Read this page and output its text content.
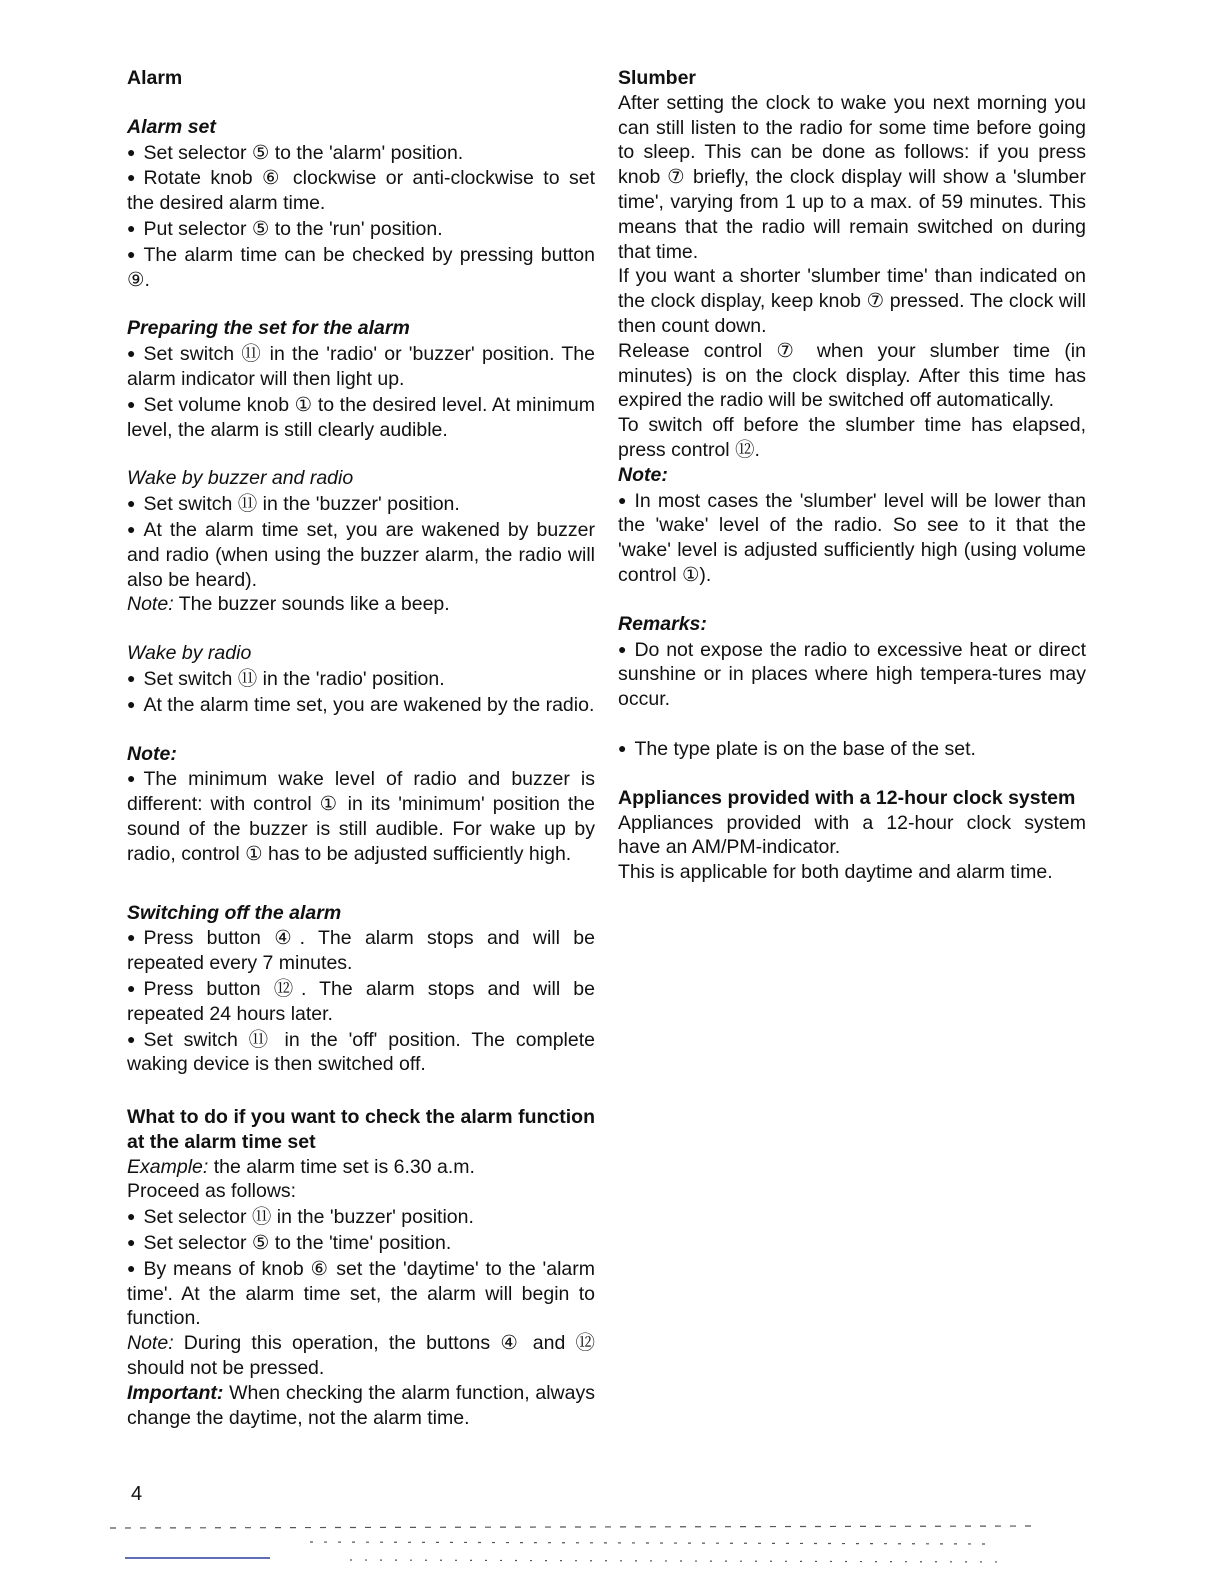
Alarm
Alarm set
● Set selector ⑤ to the 'alarm' position.
● Rotate knob ⑥ clockwise or anti-clockwise to set the desired alarm time.
● Put selector ⑤ to the 'run' position.
● The alarm time can be checked by pressing button ⑨.
Preparing the set for the alarm
● Set switch ⑪ in the 'radio' or 'buzzer' position. The alarm indicator will then light up.
● Set volume knob ① to the desired level. At minimum level, the alarm is still clearly audible.
Wake by buzzer and radio
● Set switch ⑪ in the 'buzzer' position.
● At the alarm time set, you are wakened by buzzer and radio (when using the buzzer alarm, the radio will also be heard).
Note: The buzzer sounds like a beep.
Wake by radio
● Set switch ⑪ in the 'radio' position.
● At the alarm time set, you are wakened by the radio.
Note:
● The minimum wake level of radio and buzzer is different: with control ① in its 'minimum' position the sound of the buzzer is still audible. For wake up by radio, control ① has to be adjusted sufficiently high.
Switching off the alarm
● Press button ④. The alarm stops and will be repeated every 7 minutes.
● Press button ⑫. The alarm stops and will be repeated 24 hours later.
● Set switch ⑪ in the 'off' position. The complete waking device is then switched off.
What to do if you want to check the alarm function at the alarm time set
Example: the alarm time set is 6.30 a.m.
Proceed as follows:
● Set selector ⑪ in the 'buzzer' position.
● Set selector ⑤ to the 'time' position.
● By means of knob ⑥ set the 'daytime' to the 'alarm time'. At the alarm time set, the alarm will begin to function.
Note: During this operation, the buttons ④ and ⑫ should not be pressed.
Important: When checking the alarm function, always change the daytime, not the alarm time.
Slumber
After setting the clock to wake you next morning you can still listen to the radio for some time before going to sleep. This can be done as follows: if you press knob ⑦ briefly, the clock display will show a 'slumber time', varying from 1 up to a max. of 59 minutes. This means that the radio will remain switched on during that time.
If you want a shorter 'slumber time' than indicated on the clock display, keep knob ⑦ pressed. The clock will then count down.
Release control ⑦ when your slumber time (in minutes) is on the clock display. After this time has expired the radio will be switched off automatically.
To switch off before the slumber time has elapsed, press control ⑫.
Note:
● In most cases the 'slumber' level will be lower than the 'wake' level of the radio. So see to it that the 'wake' level is adjusted sufficiently high (using volume control ①).
Remarks:
● Do not expose the radio to excessive heat or direct sunshine or in places where high tempera-tures may occur.
● The type plate is on the base of the set.
Appliances provided with a 12-hour clock system
Appliances provided with a 12-hour clock system have an AM/PM-indicator.
This is applicable for both daytime and alarm time.
4
